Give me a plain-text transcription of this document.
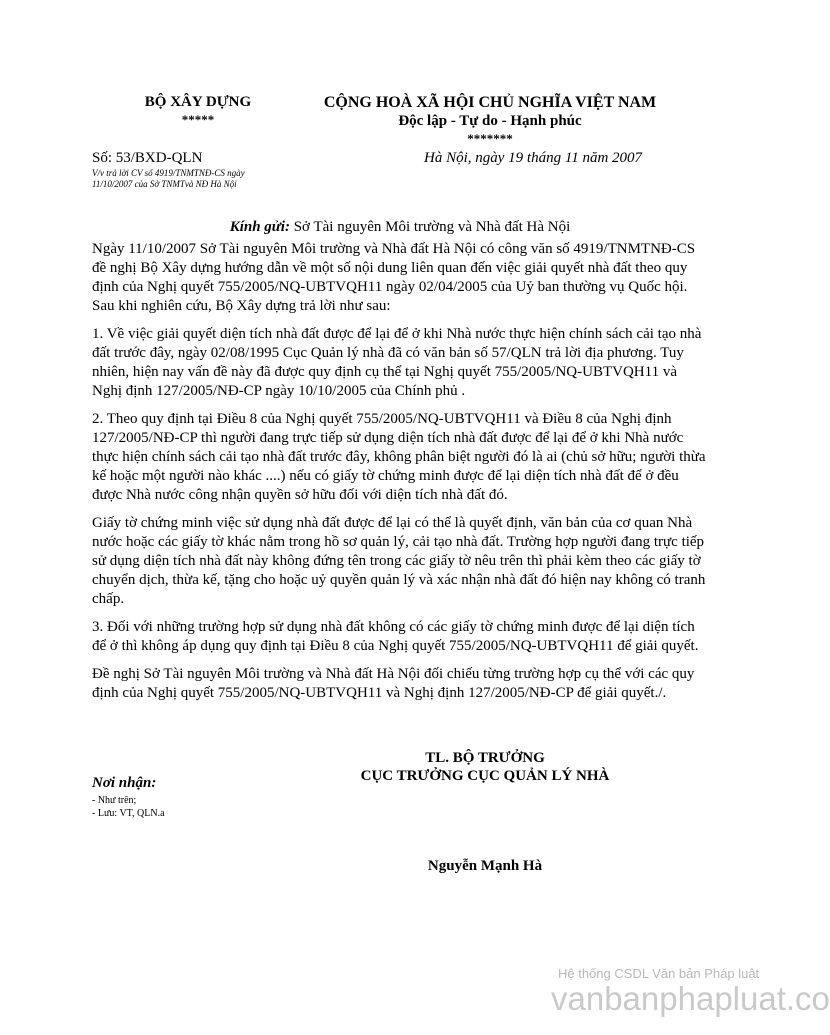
BỘ XÂY DỰNG
*****
CỘNG HOÀ XÃ HỘI CHỦ NGHĨA VIỆT NAM
Độc lập - Tự do - Hạnh phúc
*******
Số: 53/BXD-QLN
V/v trả lời CV số 4919/TNMTNĐ-CS ngày
11/10/2007 của Sở TNMTvà NĐ Hà Nội
Hà Nội, ngày 19 tháng 11 năm 2007
Kính gửi: Sở Tài nguyên Môi trường và Nhà đất Hà Nội

Ngày 11/10/2007 Sở Tài nguyên Môi trường và Nhà đất Hà Nội có công văn số 4919/TNMTNĐ-CS đề nghị Bộ Xây dựng hướng dẫn về một số nội dung liên quan đến việc giải quyết nhà đất theo quy định của Nghị quyết 755/2005/NQ-UBTVQH11 ngày 02/04/2005 của Uỷ ban thường vụ Quốc hội. Sau khi nghiên cứu, Bộ Xây dựng trả lời như sau:

1. Về việc giải quyết diện tích nhà đất được để lại để ở khi Nhà nước thực hiện chính sách cải tạo nhà đất trước đây, ngày 02/08/1995 Cục Quản lý nhà đã có văn bản số 57/QLN trả lời địa phương. Tuy nhiên, hiện nay vấn đề này đã được quy định cụ thể tại Nghị quyết 755/2005/NQ-UBTVQH11 và Nghị định 127/2005/NĐ-CP ngày 10/10/2005 của Chính phủ .

2. Theo quy định tại Điều 8 của Nghị quyết 755/2005/NQ-UBTVQH11 và Điều 8 của Nghị định 127/2005/NĐ-CP thì người đang trực tiếp sử dụng diện tích nhà đất được để lại để ở khi Nhà nước thực hiện chính sách cải tạo nhà đất trước đây, không phân biệt người đó là ai (chủ sở hữu; người thừa kế hoặc một người nào khác ....) nếu có giấy tờ chứng minh được để lại diện tích nhà đất để ở đều được Nhà nước công nhận quyền sở hữu đối với diện tích nhà đất đó.

Giấy tờ chứng minh việc sử dụng nhà đất được để lại có thể là quyết định, văn bản của cơ quan Nhà nước hoặc các giấy tờ khác nằm trong hồ sơ quản lý, cải tạo nhà đất. Trường hợp người đang trực tiếp sử dụng diện tích nhà đất này không đứng tên trong các giấy tờ nêu trên thì phải kèm theo các giấy tờ chuyển dịch, thừa kế, tặng cho hoặc uỷ quyền quản lý và xác nhận nhà đất đó hiện nay không có tranh chấp.

3. Đối với những trường hợp sử dụng nhà đất không có các giấy tờ chứng minh được để lại diện tích để ở thì không áp dụng quy định tại Điều 8 của Nghị quyết 755/2005/NQ-UBTVQH11 để giải quyết.

Đề nghị Sở Tài nguyên Môi trường và Nhà đất Hà Nội đối chiếu từng trường hợp cụ thể với các quy định của Nghị quyết 755/2005/NQ-UBTVQH11 và Nghị định 127/2005/NĐ-CP để giải quyết./.

TL. BỘ TRƯỞNG
CỤC TRƯỞNG CỤC QUẢN LÝ NHÀ
Nguyễn Mạnh Hà
Nơi nhận:
- Như trên;
- Lưu: VT, QLN.a
Hệ thống CSDL Văn bản Pháp luật
vanbanphapluat.co
